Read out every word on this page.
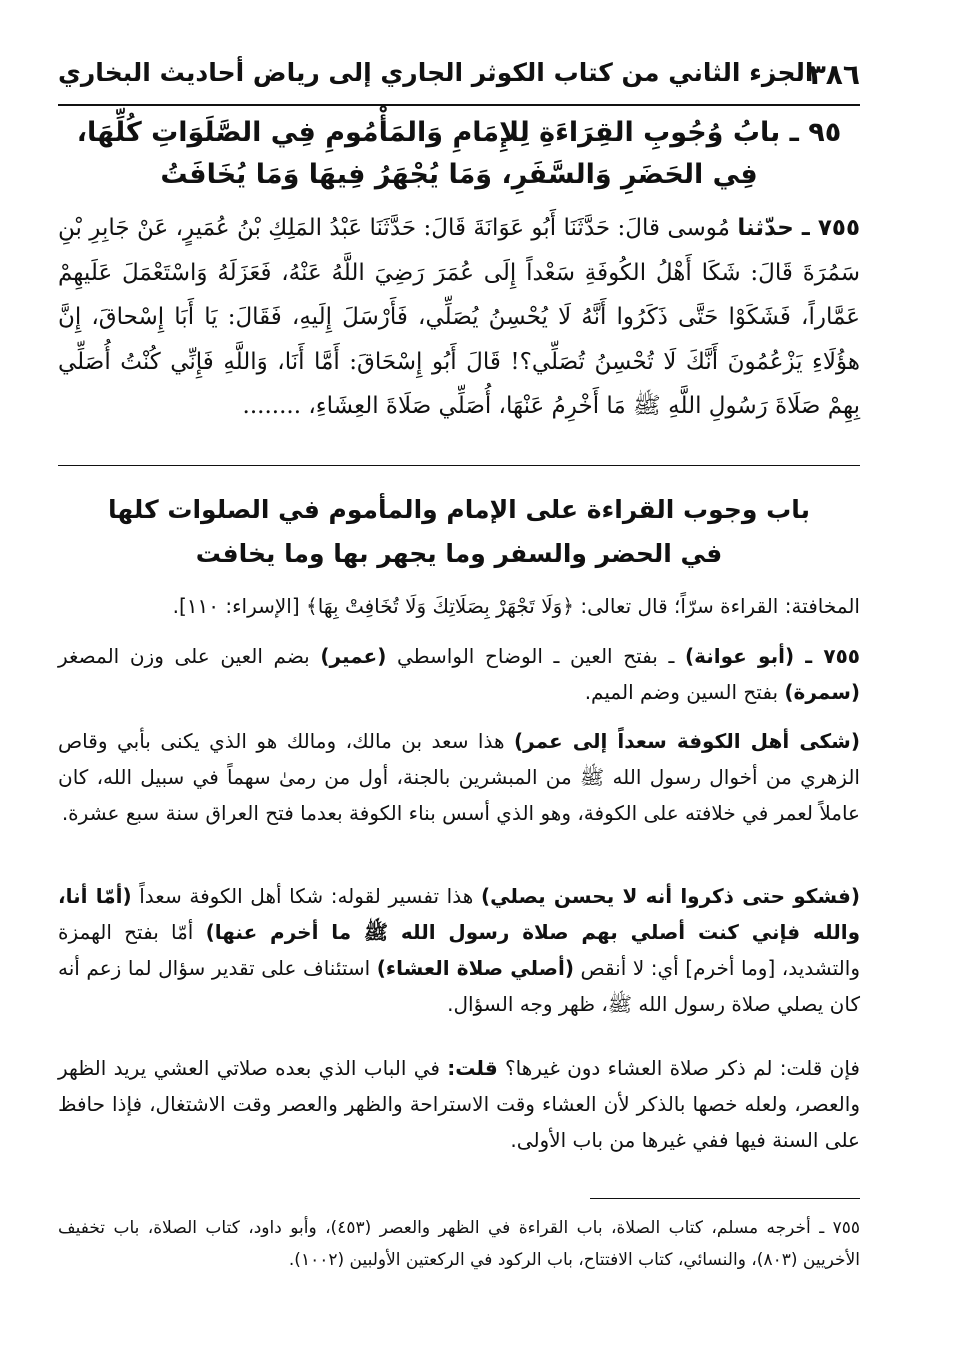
٣٨٦
الجزء الثاني من كتاب الكوثر الجاري إلى رياض أحاديث البخاري
٩٥ ـ بابُ وُجُوبِ القِرَاءَةِ لِلإِمَامِ وَالمَأْمُومِ فِي الصَّلَوَاتِ كُلِّهَا،
فِي الحَضَرِ وَالسَّفَرِ، وَمَا يُجْهَرُ فِيهَا وَمَا يُخَافَتُ
٧٥٥ ـ حدّثنا مُوسى قالَ: حَدَّثَنَا أَبُو عَوَانَةَ قَالَ: حَدَّثَنَا عَبْدُ المَلِكِ بْنُ عُمَيرٍ، عَنْ جَابِرِ بْنِ سَمُرَةَ قَالَ: شَكَا أَهْلُ الكُوفَةِ سَعْداً إِلَى عُمَرَ رَضِيَ اللَّهُ عَنْهُ، فَعَزَلَهُ وَاسْتَعْمَلَ عَلَيهِمْ عَمَّاراً، فَشَكَوْا حَتَّى ذَكَرُوا أَنَّهُ لَا يُحْسِنُ يُصَلِّي، فَأَرْسَلَ إِلَيهِ، فَقَالَ: يَا أَبَا إِسْحاقَ، إِنَّ هؤُلَاءِ يَزْعُمُونَ أَنَّكَ لَا تُحْسِنُ تُصَلِّي؟! قَالَ أَبُو إِسْحَاقَ: أَمَّا أَنَا، وَاللَّهِ فَإِنِّي كُنْتُ أُصَلِّي بِهِمْ صَلَاةَ رَسُولِ اللَّهِ ﷺ مَا أَخْرِمُ عَنْهَا، أُصَلِّي صَلَاةَ العِشَاءِ، ........
باب وجوب القراءة على الإمام والمأموم في الصلوات كلها
في الحضر والسفر وما يجهر بها وما يخافت
المخافتة: القراءة سرّاً؛ قال تعالى: ﴿وَلَا تَجْهَرْ بِصَلَاتِكَ وَلَا تُخَافِتْ بِهَا﴾ [الإسراء: ١١٠].
٧٥٥ ـ (أبو عوانة) ـ بفتح العين ـ الوضاح الواسطي (عمير) بضم العين على وزن المصغر (سمرة) بفتح السين وضم الميم.
(شكى أهل الكوفة سعداً إلى عمر) هذا سعد بن مالك، ومالك هو الذي يكنى بأبي وقاص الزهري من أخوال رسول الله ﷺ من المبشرين بالجنة، أول من رمىٰ سهماً في سبيل الله، كان عاملاً لعمر في خلافته على الكوفة، وهو الذي أسس بناء الكوفة بعدما فتح العراق سنة سبع عشرة.
(فشكو حتى ذكروا أنه لا يحسن يصلي) هذا تفسير لقوله: شكا أهل الكوفة سعداً (أمّا أنا، والله فإني كنت أصلي بهم صلاة رسول الله ﷺ ما أخرم عنها) أمّا بفتح الهمزة والتشديد، [وما أخرم] أي: لا أنقص (أصلي صلاة العشاء) استئناف على تقدير سؤال لما زعم أنه كان يصلي صلاة رسول الله ﷺ، ظهر وجه السؤال.
فإن قلت: لم ذكر صلاة العشاء دون غيرها؟ قلت: في الباب الذي بعده صلاتي العشي يريد الظهر والعصر، ولعله خصها بالذكر لأن العشاء وقت الاستراحة والظهر والعصر وقت الاشتغال، فإذا حافظ على السنة فيها ففي غيرها من باب الأولى.
٧٥٥ ـ أخرجه مسلم، كتاب الصلاة، باب القراءة في الظهر والعصر (٤٥٣)، وأبو داود، كتاب الصلاة، باب تخفيف الأخريين (٨٠٣)، والنسائي، كتاب الافتتاح، باب الركود في الركعتين الأولبين (١٠٠٢).
